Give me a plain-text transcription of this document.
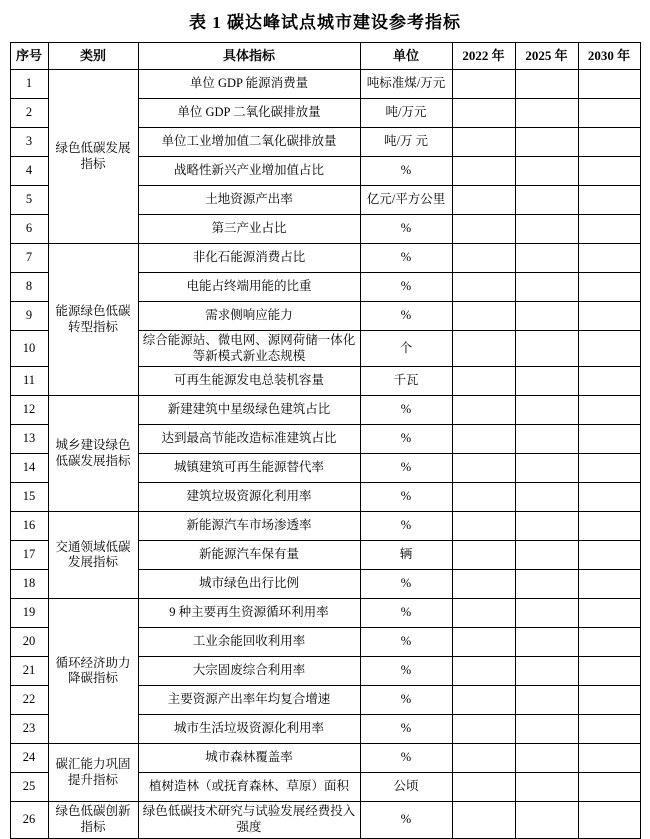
表 1 碳达峰试点城市建设参考指标
序号	类别	具体指标	单位	2022 年	2025 年	2030 年
1	绿色低碳发展指标	单位 GDP 能源消费量	吨标准煤/万元			
2		单位 GDP 二氧化碳排放量	吨/万元			
3		单位工业增加值二氧化碳排放量	吨/万 元			
4		战略性新兴产业增加值占比	%			
5		土地资源产出率	亿元/平方公里			
6		第三产业占比	%			
7	能源绿色低碳转型指标	非化石能源消费占比	%			
8		电能占终端用能的比重	%			
9		需求侧响应能力	%			
10		综合能源站、微电网、源网荷储一体化等新模式新业态规模	个			
11		可再生能源发电总装机容量	千瓦			
12	城乡建设绿色低碳发展指标	新建建筑中星级绿色建筑占比	%			
13		达到最高节能改造标准建筑占比	%			
14		城镇建筑可再生能源替代率	%			
15		建筑垃圾资源化利用率	%			
16	交通领域低碳发展指标	新能源汽车市场渗透率	%			
17		新能源汽车保有量	辆			
18		城市绿色出行比例	%			
19	循环经济助力降碳指标	9 种主要再生资源循环利用率	%			
20		工业余能回收利用率	%			
21		大宗固废综合利用率	%			
22		主要资源产出率年均复合增速	%			
23		城市生活垃圾资源化利用率	%			
24	碳汇能力巩固提升指标	城市森林覆盖率	%			
25		植树造林（或抚育森林、草原）面积	公顷			
26	绿色低碳创新指标	绿色低碳技术研究与试验发展经费投入强度	%			
